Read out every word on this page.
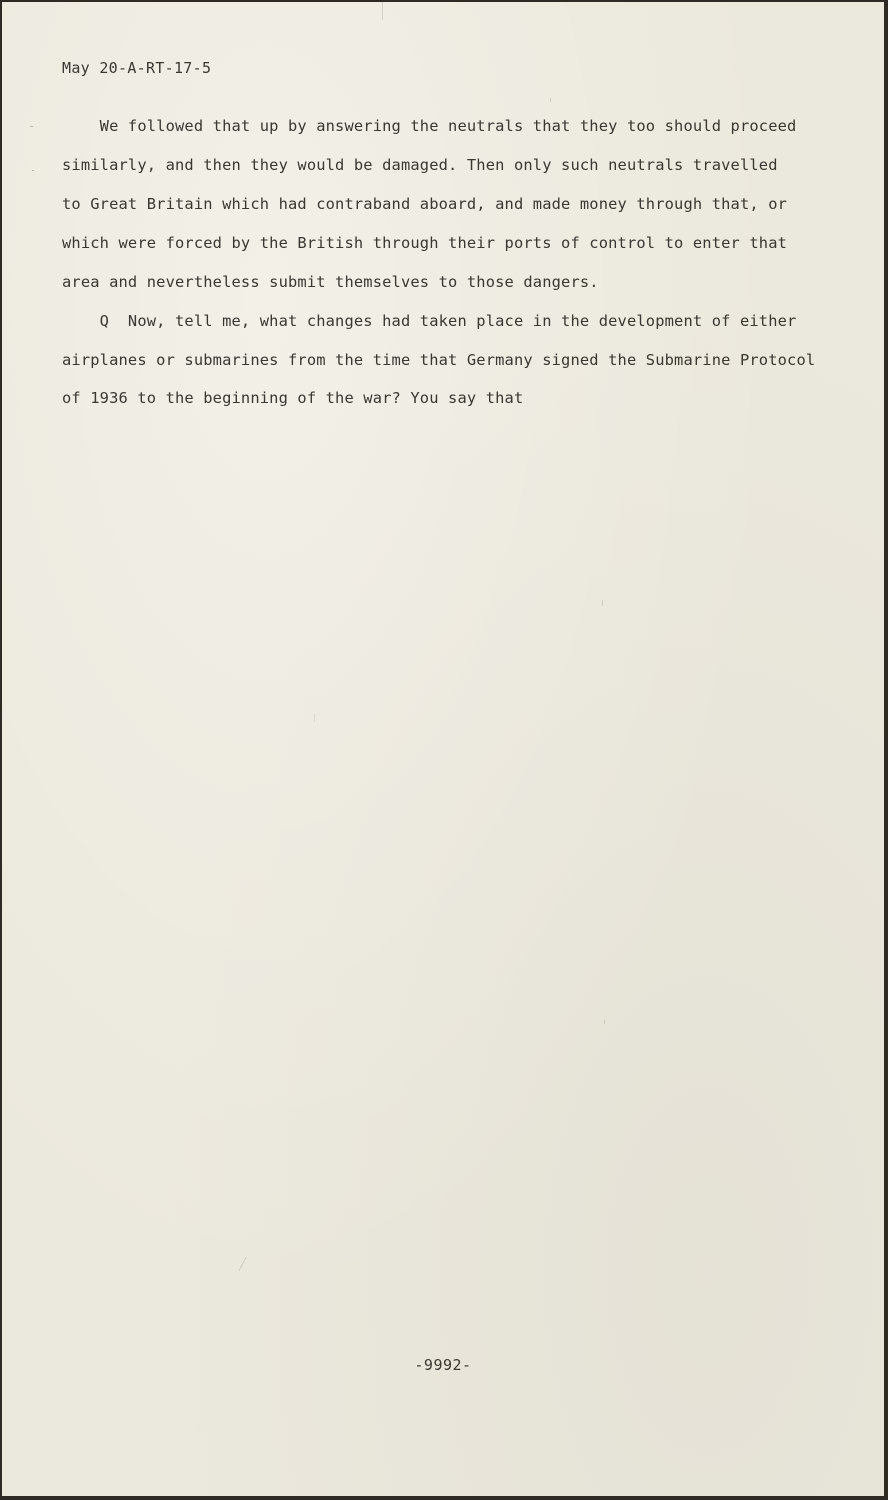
May 20-A-RT-17-5
We followed that up by answering the neutrals that they too should proceed
similarly, and then they would be damaged. Then only such neutrals travelled
to Great Britain which had contraband aboard, and made money through that, or
which were forced by the British through their ports of control to enter that
area and nevertheless submit themselves to those dangers.
Q  Now, tell me, what changes had taken place in the development of either
airplanes or submarines from the time that Germany signed the Submarine Protocol
of 1936 to the beginning of the war? You say that
-9992-
